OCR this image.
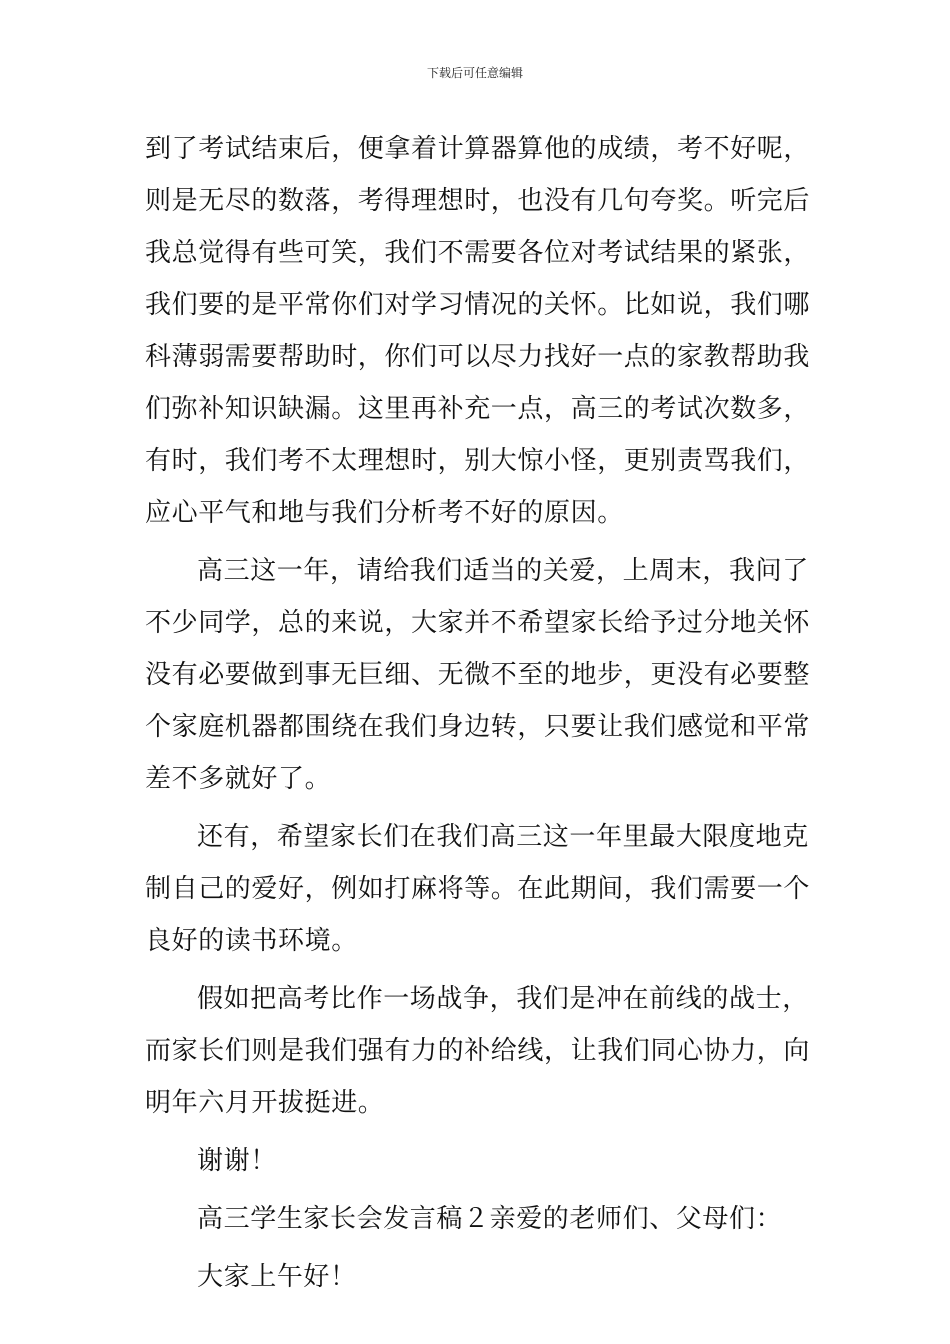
下载后可任意编辑
到了考试结束后，便拿着计算器算他的成绩，考不好呢，
则是无尽的数落，考得理想时，也没有几句夸奖。听完后
我总觉得有些可笑，我们不需要各位对考试结果的紧张，
我们要的是平常你们对学习情况的关怀。比如说，我们哪
科薄弱需要帮助时，你们可以尽力找好一点的家教帮助我
们弥补知识缺漏。这里再补充一点，高三的考试次数多，
有时，我们考不太理想时，别大惊小怪，更别责骂我们，
应心平气和地与我们分析考不好的原因。
高三这一年，请给我们适当的关爱，上周末，我问了
不少同学，总的来说，大家并不希望家长给予过分地关怀
没有必要做到事无巨细、无微不至的地步，更没有必要整
个家庭机器都围绕在我们身边转，只要让我们感觉和平常
差不多就好了。
还有，希望家长们在我们高三这一年里最大限度地克
制自己的爱好，例如打麻将等。在此期间，我们需要一个
良好的读书环境。
假如把高考比作一场战争，我们是冲在前线的战士，
而家长们则是我们强有力的补给线，让我们同心协力，向
明年六月开拔挺进。
谢谢！
高三学生家长会发言稿２亲爱的老师们、父母们：
大家上午好！
